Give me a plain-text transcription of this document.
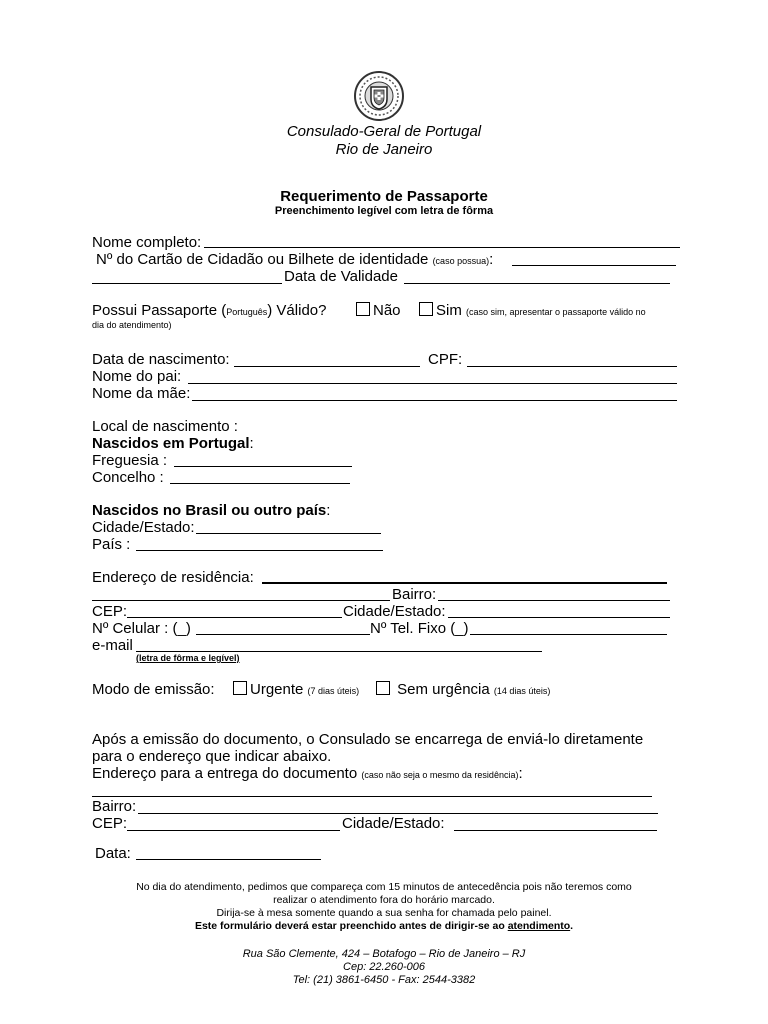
Consulado-Geral de Portugal
Rio de Janeiro
Requerimento de Passaporte
Preenchimento legível com letra de fôrma
Nome completo:
Nº do Cartão de Cidadão ou Bilhete de identidade (caso possua):
Data de Validade
Possui Passaporte (Português) Válido?	Não	Sim (caso sim, apresentar o passaporte válido no
dia do atendimento)
Data de nascimento:	CPF:
Nome do pai:
Nome da mãe:
Local de nascimento :
Nascidos em Portugal:
Freguesia :
Concelho :
Nascidos no Brasil ou outro país:
Cidade/Estado:
País :
Endereço de residência:
Bairro:
CEP:	Cidade/Estado:
Nº Celular : (_)	Nº Tel. Fixo (_)
e-mail
(letra de fôrma e legível)
Modo de emissão:	Urgente (7 dias úteis)	Sem urgência (14 dias úteis)
Após a emissão do documento, o Consulado se encarrega de enviá-lo diretamente
para o endereço que indicar abaixo.
Endereço para a entrega do documento (caso não seja o mesmo da residência):
Bairro:
CEP:	Cidade/Estado:
Data:
No dia do atendimento, pedimos que compareça com 15 minutos de antecedência pois não teremos como
realizar o atendimento fora do horário marcado.
Dirija-se à mesa somente quando a sua senha for chamada pelo painel.
Este formulário deverá estar preenchido antes de dirigir-se ao atendimento.
Rua São Clemente, 424 – Botafogo – Rio de Janeiro – RJ
Cep: 22.260-006
Tel: (21) 3861-6450 - Fax: 2544-3382
